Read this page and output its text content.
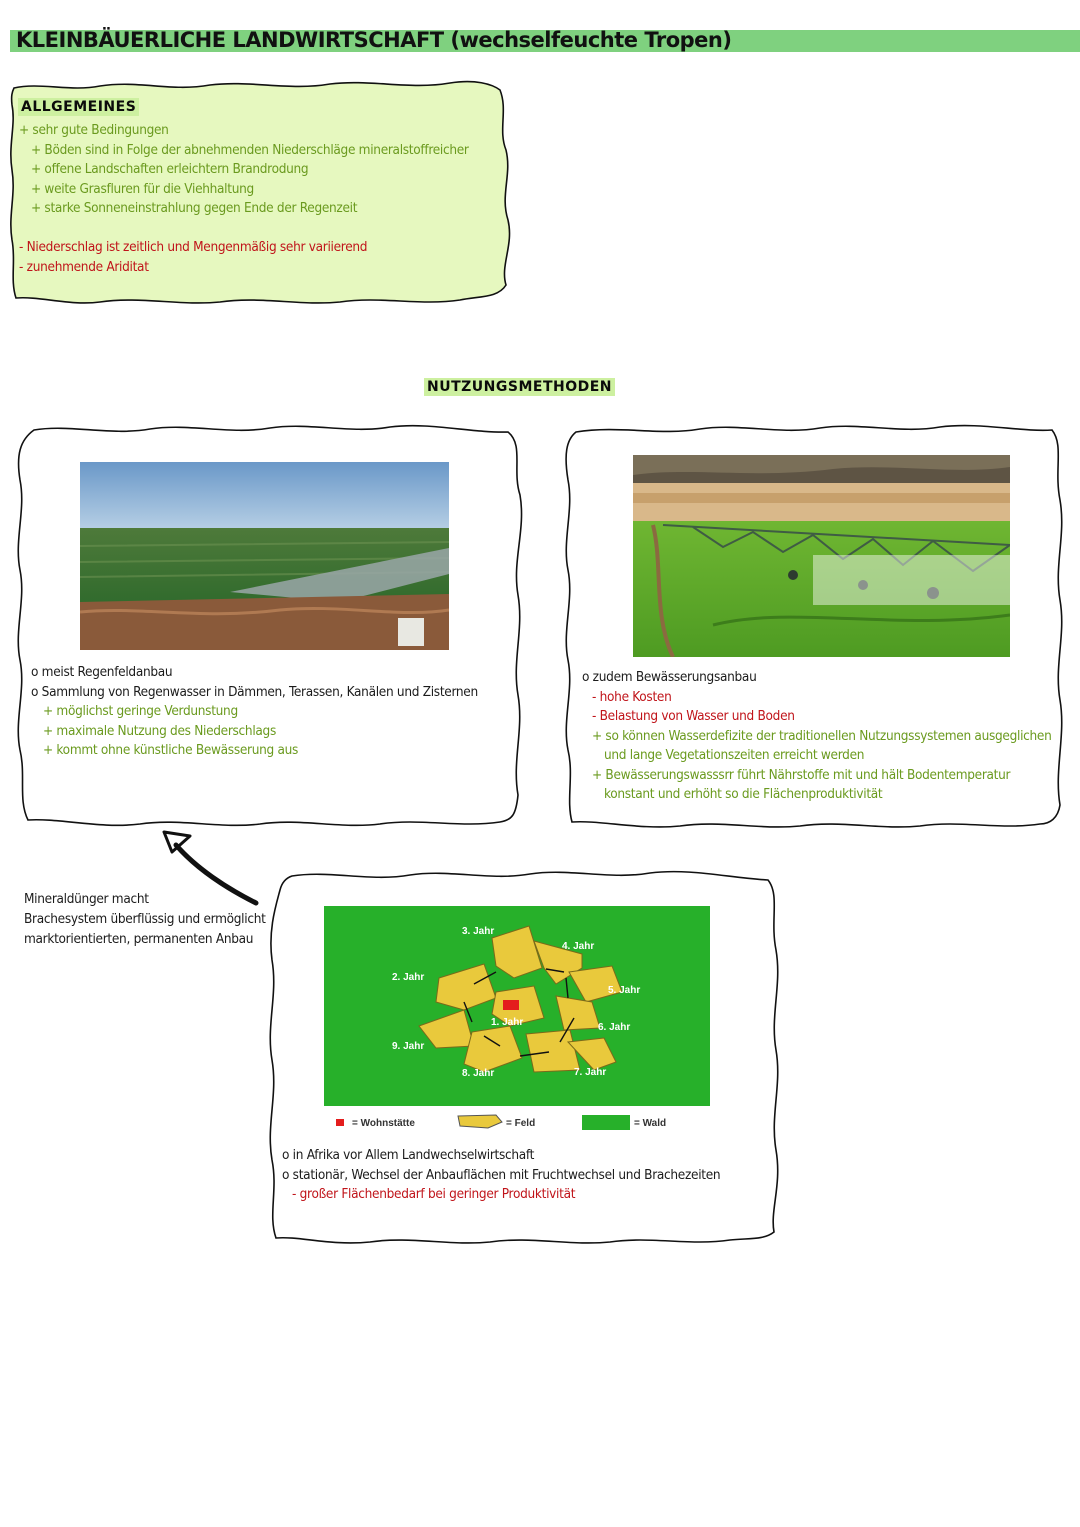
KLEINBÄUERLICHE LANDWIRTSCHAFT (wechselfeuchte Tropen)
ALLGEMEINES
+ sehr gute Bedingungen
+ Böden sind in Folge der abnehmenden Niederschläge mineralstoffreicher
+ offene Landschaften erleichtern Brandrodung
+ weite Grasfluren für die Viehhaltung
+ starke Sonneneinstrahlung gegen Ende der Regenzeit
- Niederschlag ist zeitlich und Mengenmäßig sehr variierend
- zunehmende Ariditat
NUTZUNGSMETHODEN
o meist Regenfeldanbau
o Sammlung von Regenwasser in Dämmen, Terassen, Kanälen und Zisternen
+ möglichst geringe Verdunstung
+ maximale Nutzung des Niederschlags
+ kommt ohne künstliche Bewässerung aus
o zudem Bewässerungsanbau
- hohe Kosten
- Belastung von Wasser und Boden
+ so können Wasserdefizite der traditionellen Nutzungssystemen ausgeglichen
und lange Vegetationszeiten erreicht werden
+ Bewässerungswasssrr führt Nährstoffe mit und hält Bodentemperatur
konstant und erhöht so die Flächenproduktivität
Mineraldünger macht
Brachesystem überflüssig und ermöglicht
marktorientierten, permanenten Anbau	3. Jahr
4. Jahr
2. Jahr
5. Jahr
1. Jahr	6. Jahr
9. Jahr
8. Jahr	7. Jahr
= Wohnstätte	= Feld	= Wald
o in Afrika vor Allem Landwechselwirtschaft
o stationär, Wechsel der Anbauflächen mit Fruchtwechsel und Brachezeiten
- großer Flächenbedarf bei geringer Produktivität
